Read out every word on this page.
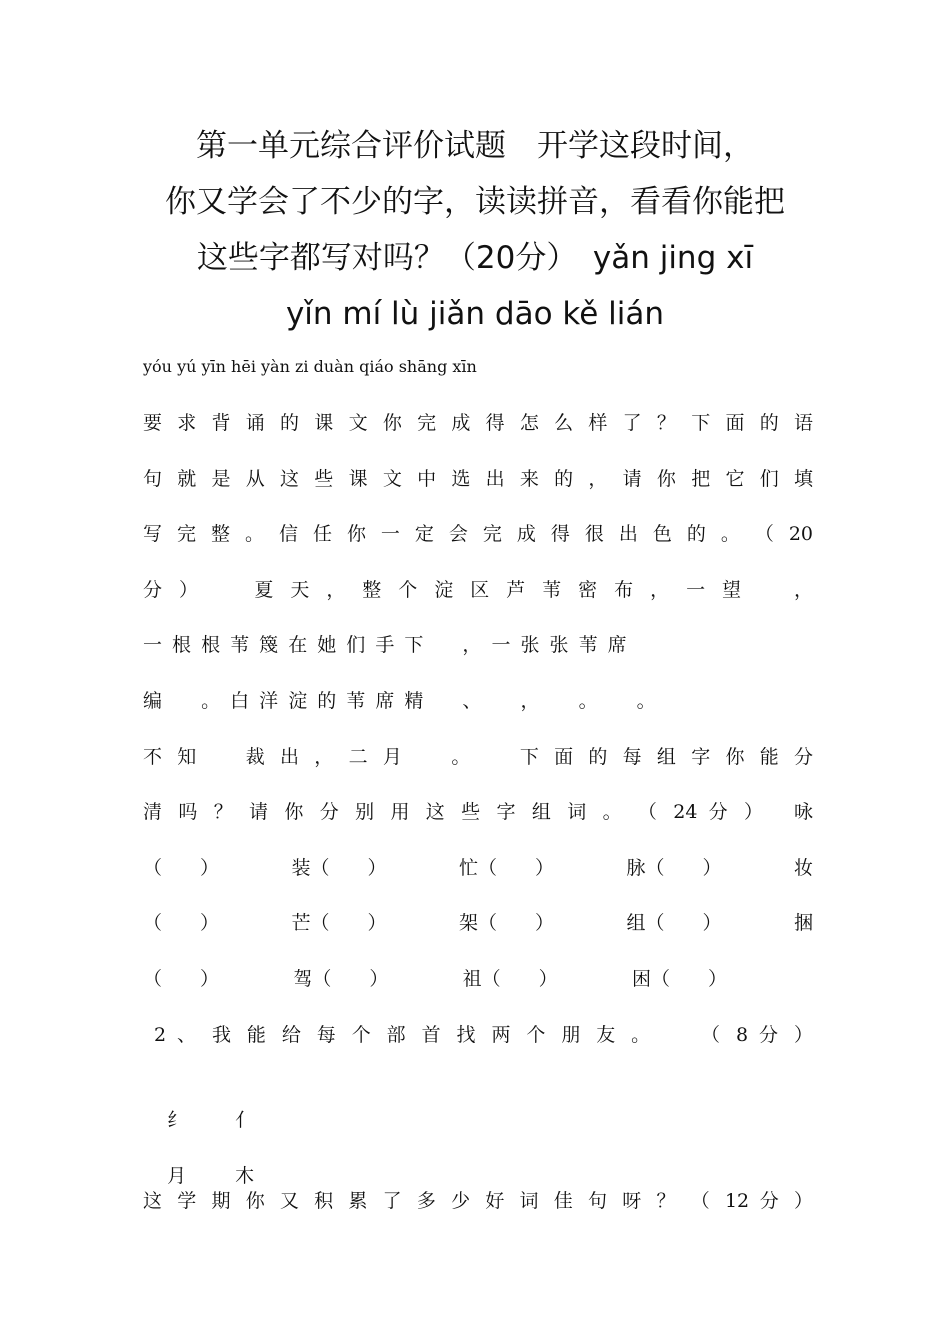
第一单元综合评价试题　开学这段时间，
你又学会了不少的字，读读拼音，看看你能把
这些字都写对吗？（20分）　yǎn jing xī
yǐn mí lù jiǎn dāo kě lián
yóu yú yīn hēi yàn zi duàn qiáo shāng xīn
要 求 背 诵 的 课 文 你 完 成 得 怎 么 样 了 ？ 下 面 的 语
句 就 是 从 这 些 课 文 中 选 出 来 的 ， 请 你 把 它 们 填
写 完 整 。 信 任 你 一 定 会 完 成 得 很 出 色 的 。 （ 20
分 ）　　 夏 天 ， 整 个 淀 区 芦 苇 密 布 ， 一 望 　 ，
一 根 根 苇 篾 在 她 们 手 下 　 ， 一 张 张 苇 席
编 　 。 白 洋 淀 的 苇 席 精 　 、 　 ， 　 。 　 。
不 知 　 裁 出 ， 二 月 　 。 　 下 面 的 每 组 字 你 能 分
清 吗 ？ 请 你 分 别 用 这 些 字 组 词 。 （ 24 分 ）　 咏
（　　）	装（　　）	忙（　　）	脉（　　）	妆
（　　）	芒（　　）	架（　　）	组（　　）	捆
（　　）	驾（　　）	祖（　　）	困（　　）
2 、 我 能 给 每 个 部 首 找 两 个 朋 友 。 　 （ 8 分 ）

纟	亻

月	木

这 学 期 你 又 积 累 了 多 少 好 词 佳 句 呀 ？ （ 12 分 ）
